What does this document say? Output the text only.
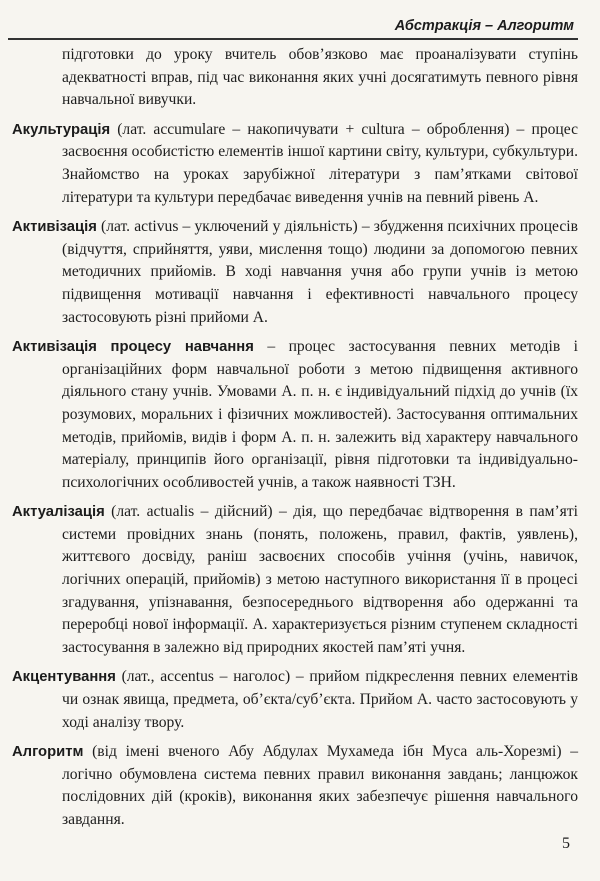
Абстракція – Алгоритм

підготовки до уроку вчитель обов’язково має проаналізувати ступінь адекватності вправ, під час виконання яких учні досягатимуть певного рівня навчальної вивучки.

Акультурація (лат. accumulare – накопичувати + cultura – оброблення) – процес засвоєння особистістю елементів іншої картини світу, культури, субкультури. Знайомство на уроках зарубіжної літератури з пам’ятками світової літератури та культури передбачає виведення учнів на певний рівень А.

Активізація (лат. activus – уключений у діяльність) – збудження психічних процесів (відчуття, сприйняття, уяви, мислення тощо) людини за допомогою певних методичних прийомів. В ході навчання учня або групи учнів із метою підвищення мотивації навчання і ефективності навчального процесу застосовують різні прийоми А.

Активізація процесу навчання – процес застосування певних методів і організаційних форм навчальної роботи з метою підвищення активного діяльного стану учнів. Умовами А. п. н. є індивідуальний підхід до учнів (їх розумових, моральних і фізичних можливостей). Застосування оптимальних методів, прийомів, видів і форм А. п. н. залежить від характеру навчального матеріалу, принципів його організації, рівня підготовки та індивідуально-психологічних особливостей учнів, а також наявності ТЗН.

Актуалізація (лат. actualis – дійсний) – дія, що передбачає відтворення в пам’яті системи провідних знань (понять, положень, правил, фактів, уявлень), життєвого досвіду, раніш засвоєних способів учіння (учінь, навичок, логічних операцій, прийомів) з метою наступного використання її в процесі згадування, упізнавання, безпосереднього відтворення або одержанні та переробці нової інформації. А. характеризується різним ступенем складності застосування в залежно від природних якостей пам’яті учня.

Акцентування (лат., accentus – наголос) – прийом підкреслення певних елементів чи ознак явища, предмета, об’єкта/суб’єкта. Прийом А. часто застосовують у ході аналізу твору.

Алгоритм (від імені вченого Абу Абдулах Мухамеда ібн Муса аль-Хорезмі) – логічно обумовлена система певних правил виконання завдань; ланцюжок послідовних дій (кроків), виконання яких забезпечує рішення навчального завдання.

5
